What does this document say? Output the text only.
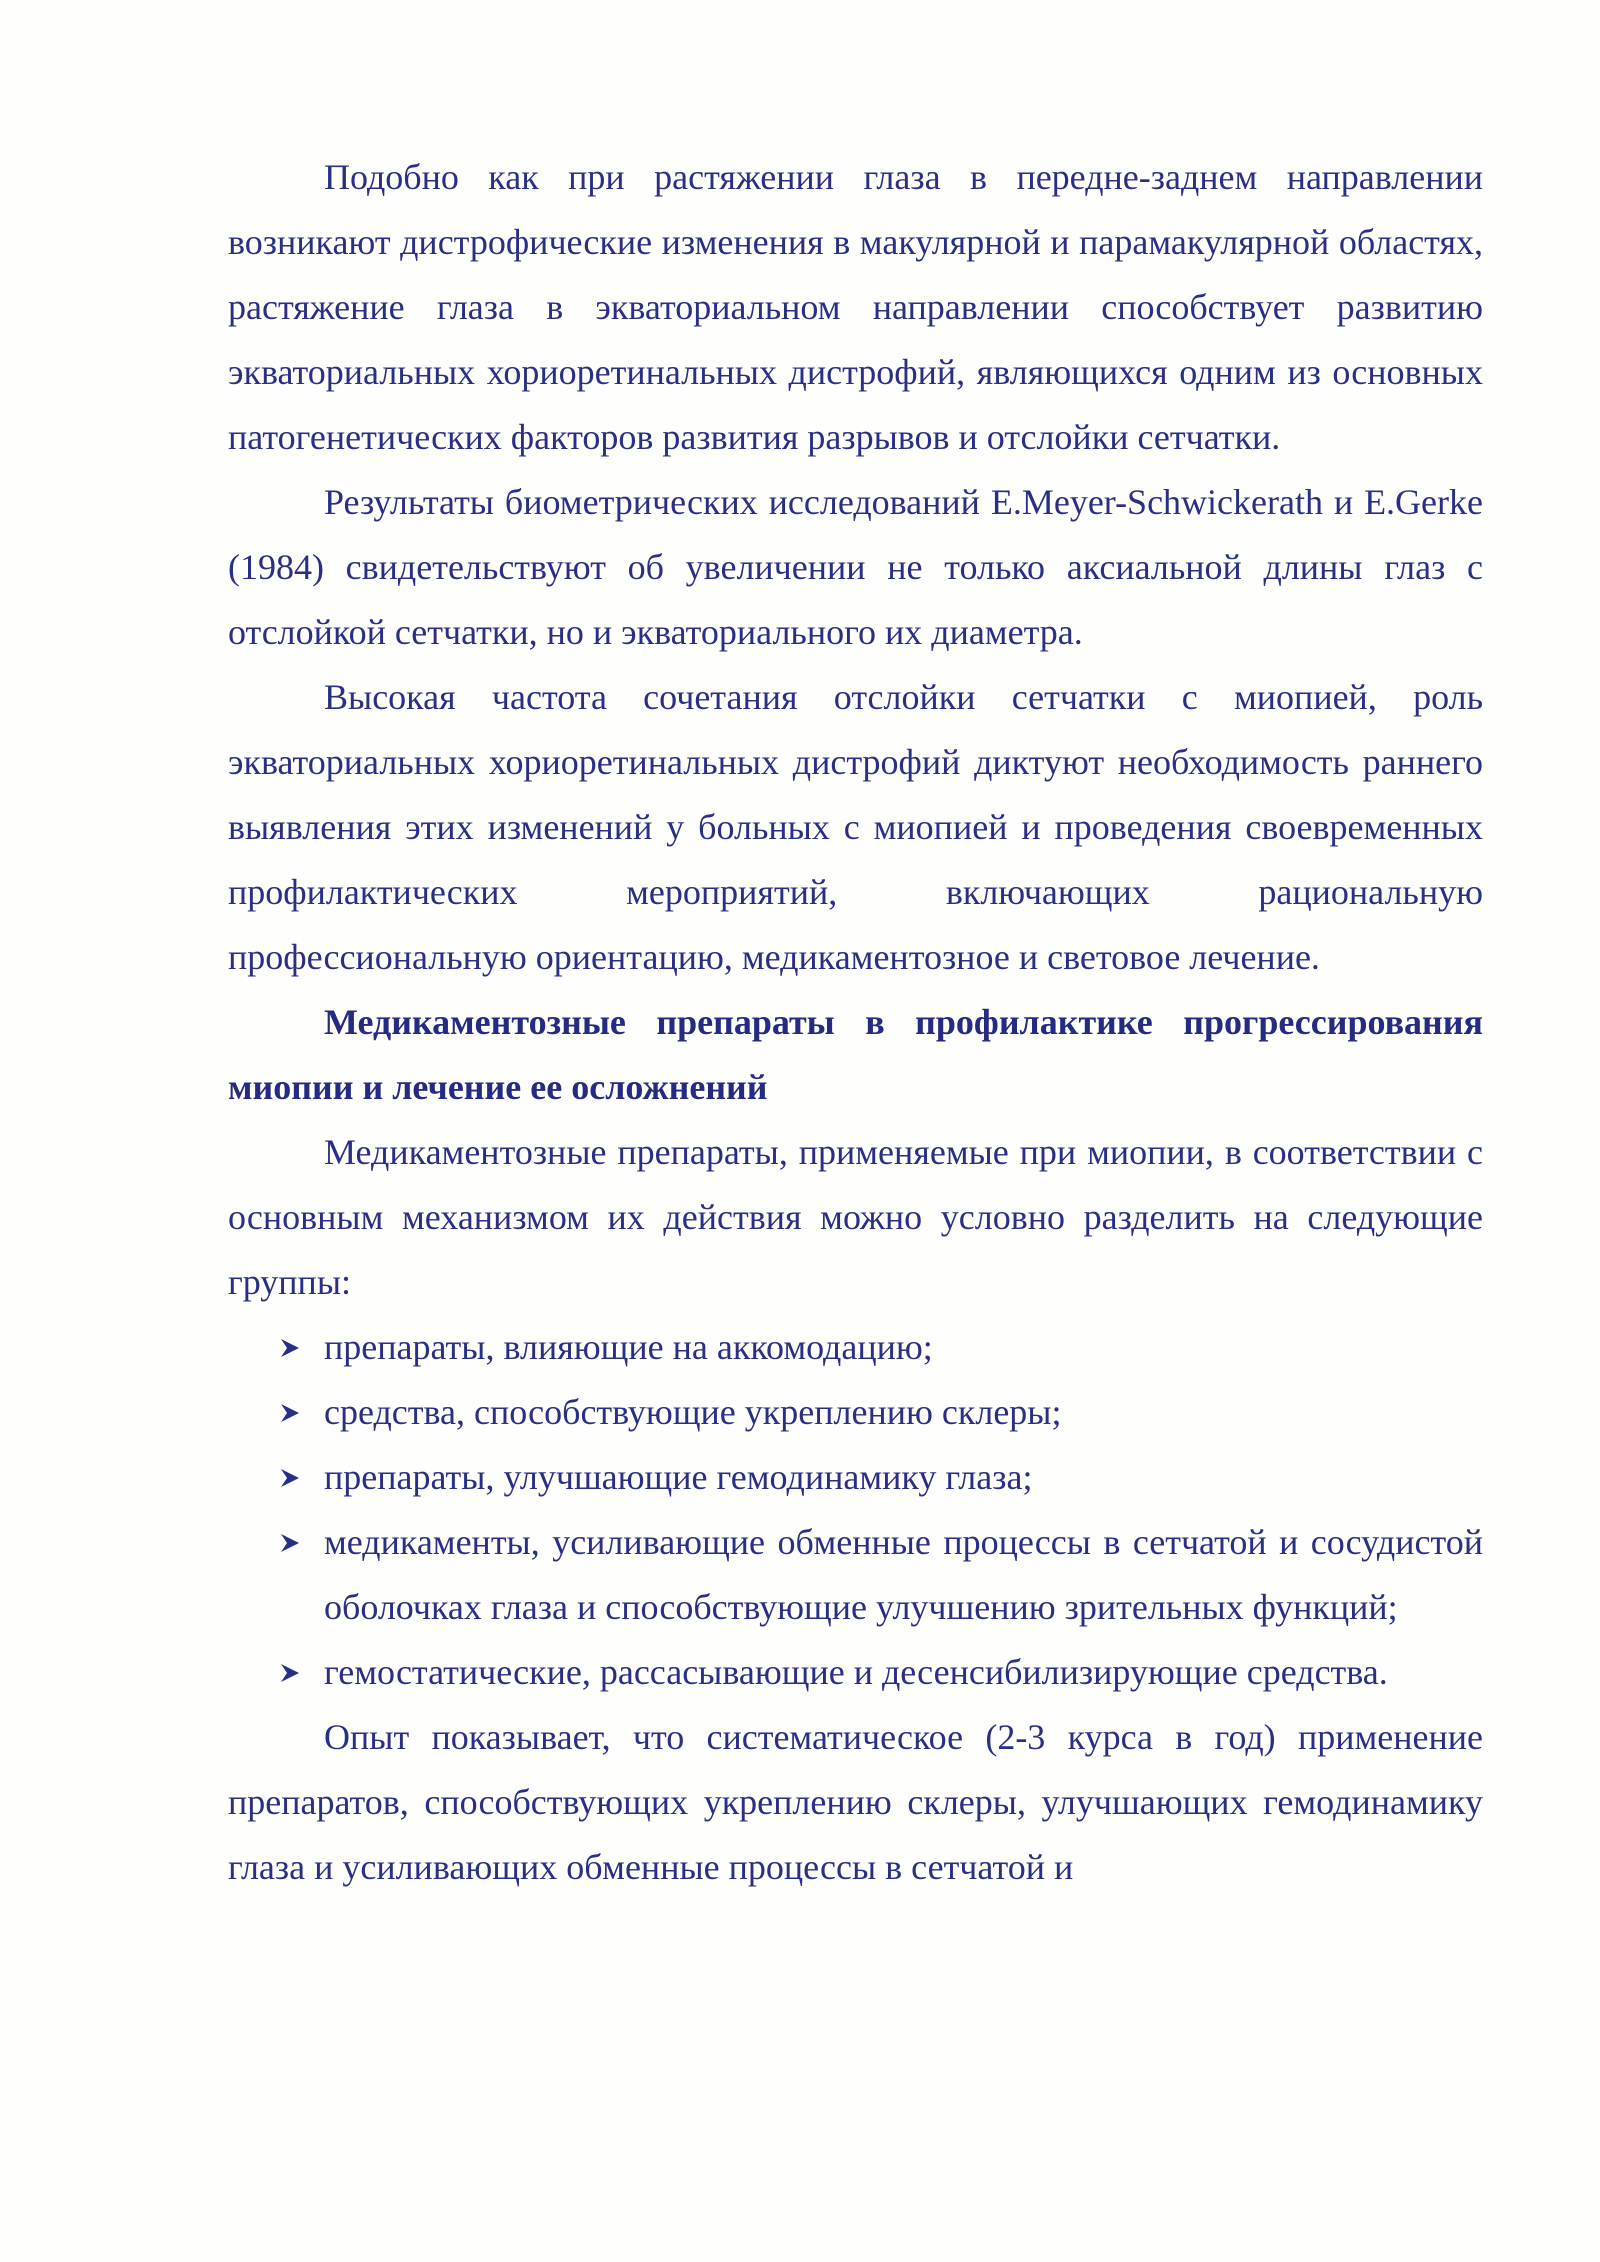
Подобно как при растяжении глаза в передне-заднем направлении возникают дистрофические изменения в макулярной и парамакулярной областях, растяжение глаза в экваториальном направлении способствует развитию экваториальных хориоретинальных дистрофий, являющихся одним из основных патогенетических факторов развития разрывов и отслойки сетчатки.

Результаты биометрических исследований E.Meyer-Schwickerath и E.Gerke (1984) свидетельствуют об увеличении не только аксиальной длины глаз с отслойкой сетчатки, но и экваториального их диаметра.

Высокая частота сочетания отслойки сетчатки с миопией, роль экваториальных хориоретинальных дистрофий диктуют необходимость раннего выявления этих изменений у больных с миопией и проведения своевременных профилактических мероприятий, включающих рациональную профессиональную ориентацию, медикаментозное и световое лечение.

Медикаментозные препараты в профилактике прогрессирования миопии и лечение ее осложнений

Медикаментозные препараты, применяемые при миопии, в соответствии с основным механизмом их действия можно условно разделить на следующие группы:

препараты, влияющие на аккомодацию;
средства, способствующие укреплению склеры;
препараты, улучшающие гемодинамику глаза;
медикаменты, усиливающие обменные процессы в сетчатой и сосудистой оболочках глаза и способствующие улучшению зрительных функций;
гемостатические, рассасывающие и десенсибилизирующие средства.

Опыт показывает, что систематическое (2-3 курса в год) применение препаратов, способствующих укреплению склеры, улучшающих гемодинамику глаза и усиливающих обменные процессы в сетчатой и
